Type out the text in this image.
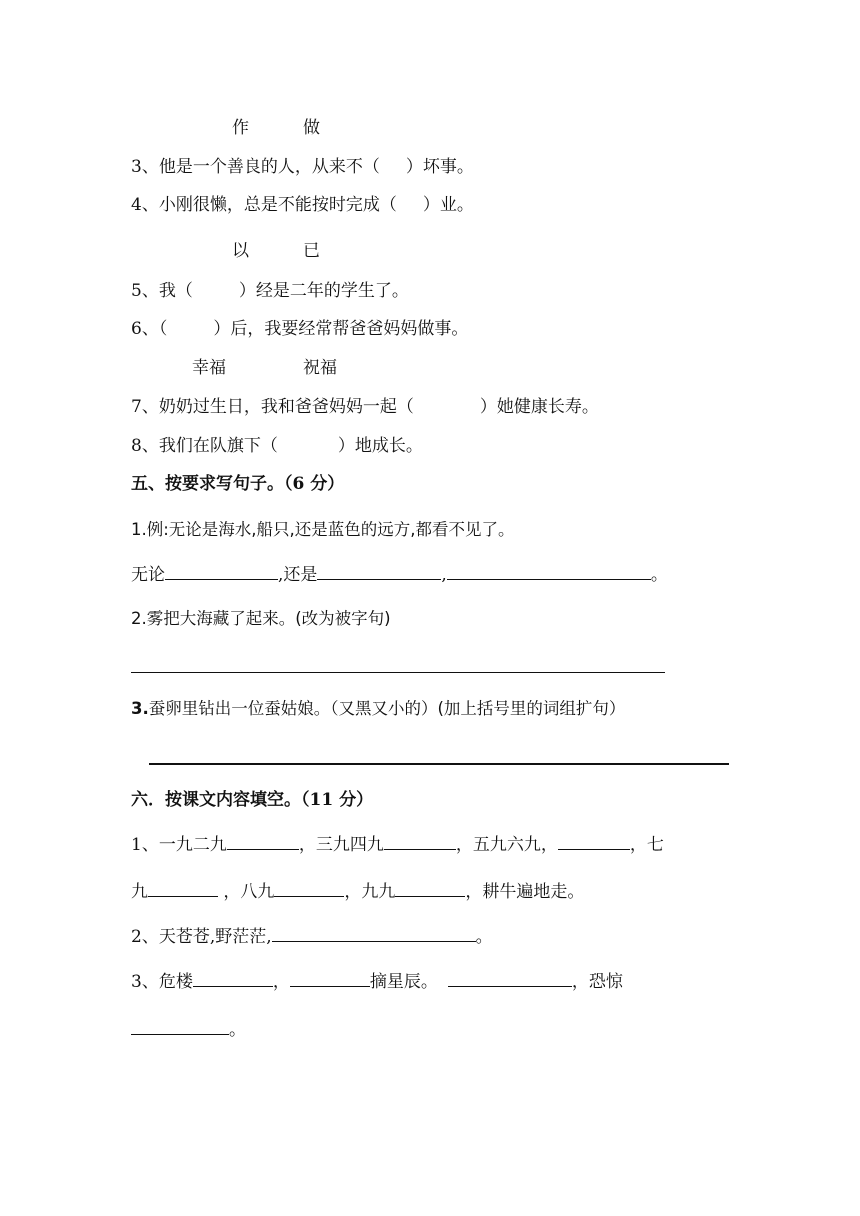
作	做
3、他是一个善良的人，从来不（ ）坏事。
4、小刚很懒，总是不能按时完成（ ）业。
以	已
5、我（	）经是二年的学生了。
6、（	）后，我要经常帮爸爸妈妈做事。
幸福	祝福
7、奶奶过生日，我和爸爸妈妈一起（	）她健康长寿。
8、我们在队旗下（	）地成长。
五、按要求写句子。（6 分）
1.例:无论是海水,船只,还是蓝色的远方,都看不见了。
无论	,还是	,	。
2.雾把大海藏了起来。(改为被字句)
3.蚕卵里钻出一位蚕姑娘。（又黑又小的）(加上括号里的词组扩句）
六．按课文内容填空。（11 分）
1、一九二九	，三九四九	，五九六九，	，七
九	，八九	，九九	，耕牛遍地走。
2、天苍苍,野茫茫,	。
3、危楼	，	摘星辰。	，恐惊
。
